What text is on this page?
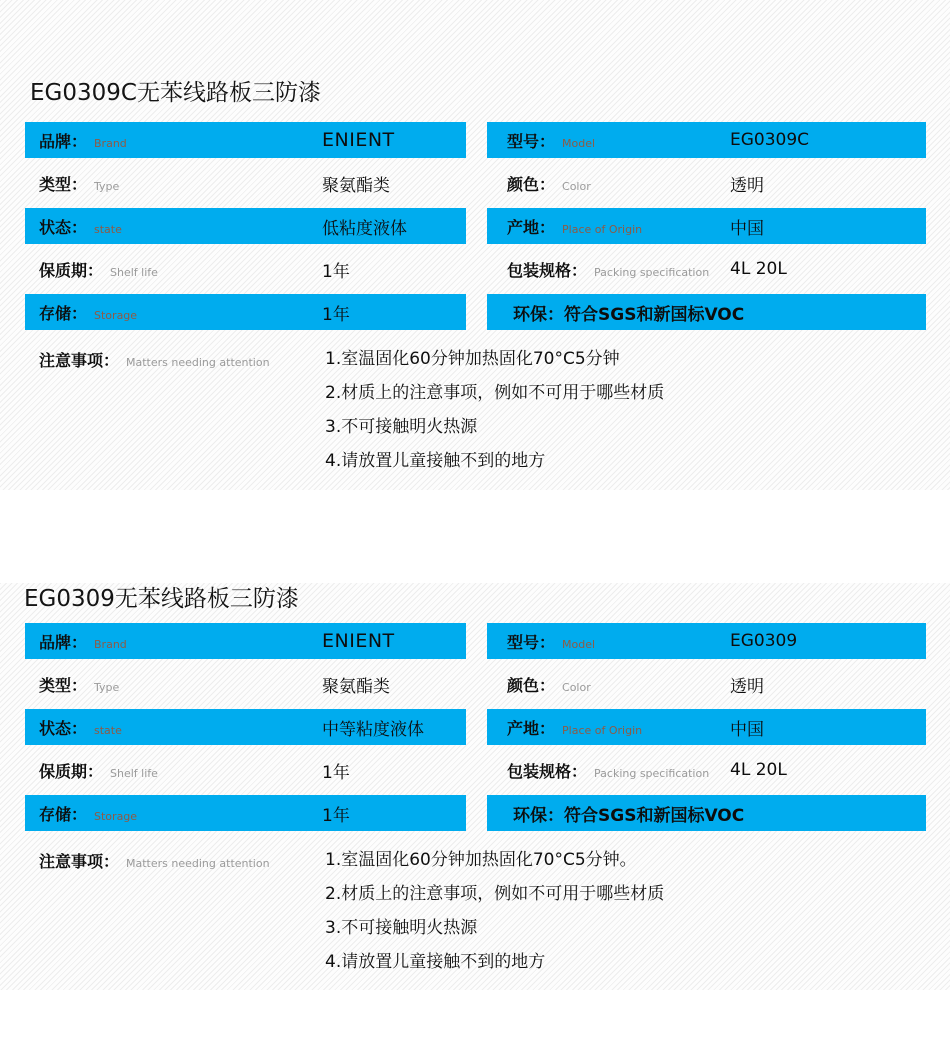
EG0309C无苯线路板三防漆
品牌： Brand	ENIENT
类型： Type	聚氨酯类
状态： state	低粘度液体
保质期： Shelf life	1年
存储： Storage	1年
型号： Model	EG0309C
颜色： Color	透明
产地： Place of Origin	中国
包装规格： Packing specification 4L 20L
环保：符合SGS和新国标VOC
注意事项： Matters needing attention	1.室温固化60分钟加热固化70°C5分钟
2.材质上的注意事项，例如不可用于哪些材质
3.不可接触明火热源
4.请放置儿童接触不到的地方
EG0309无苯线路板三防漆
品牌： Brand	ENIENT
类型： Type	聚氨酯类
状态： state	中等粘度液体
保质期： Shelf life	1年
存储： Storage	1年
型号： Model	EG0309
颜色： Color	透明
产地： Place of Origin	中国
包装规格： Packing specification 4L 20L
环保：符合SGS和新国标VOC
注意事项： Matters needing attention	1.室温固化60分钟加热固化70°C5分钟。
2.材质上的注意事项，例如不可用于哪些材质
3.不可接触明火热源
4.请放置儿童接触不到的地方
